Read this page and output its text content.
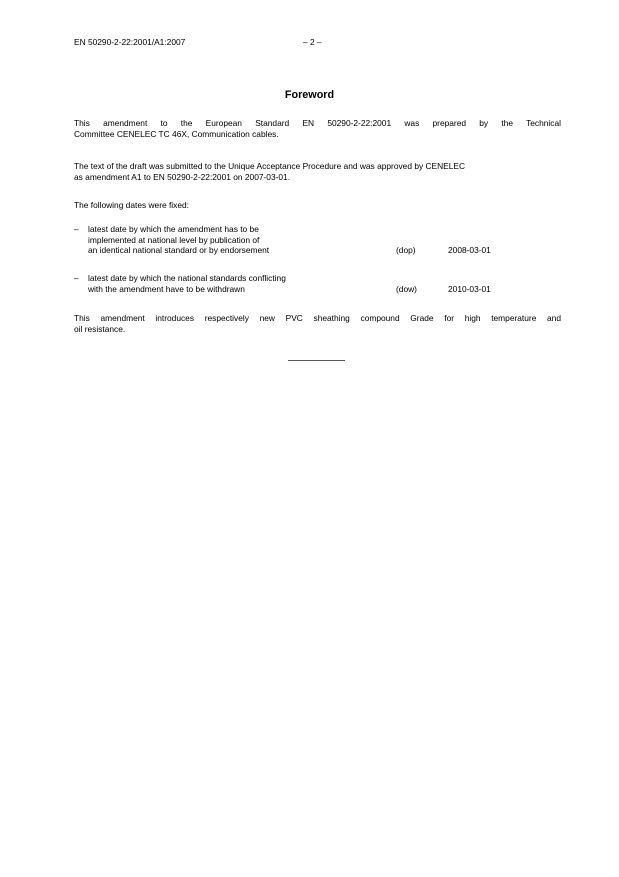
EN 50290-2-22:2001/A1:2007	– 2 –
Foreword
This amendment to the European Standard EN 50290-2-22:2001 was prepared by the Technical
Committee CENELEC TC 46X, Communication cables.
The text of the draft was submitted to the Unique Acceptance Procedure and was approved by CENELEC
as amendment A1 to EN 50290-2-22:2001 on 2007-03-01.
The following dates were fixed:
– latest date by which the amendment has to be
implemented at national level by publication of
an identical national standard or by endorsement	(dop)	2008-03-01
– latest date by which the national standards conflicting
with the amendment have to be withdrawn	(dow)	2010-03-01
This amendment introduces respectively new PVC sheathing compound Grade for high temperature and
oil resistance.
